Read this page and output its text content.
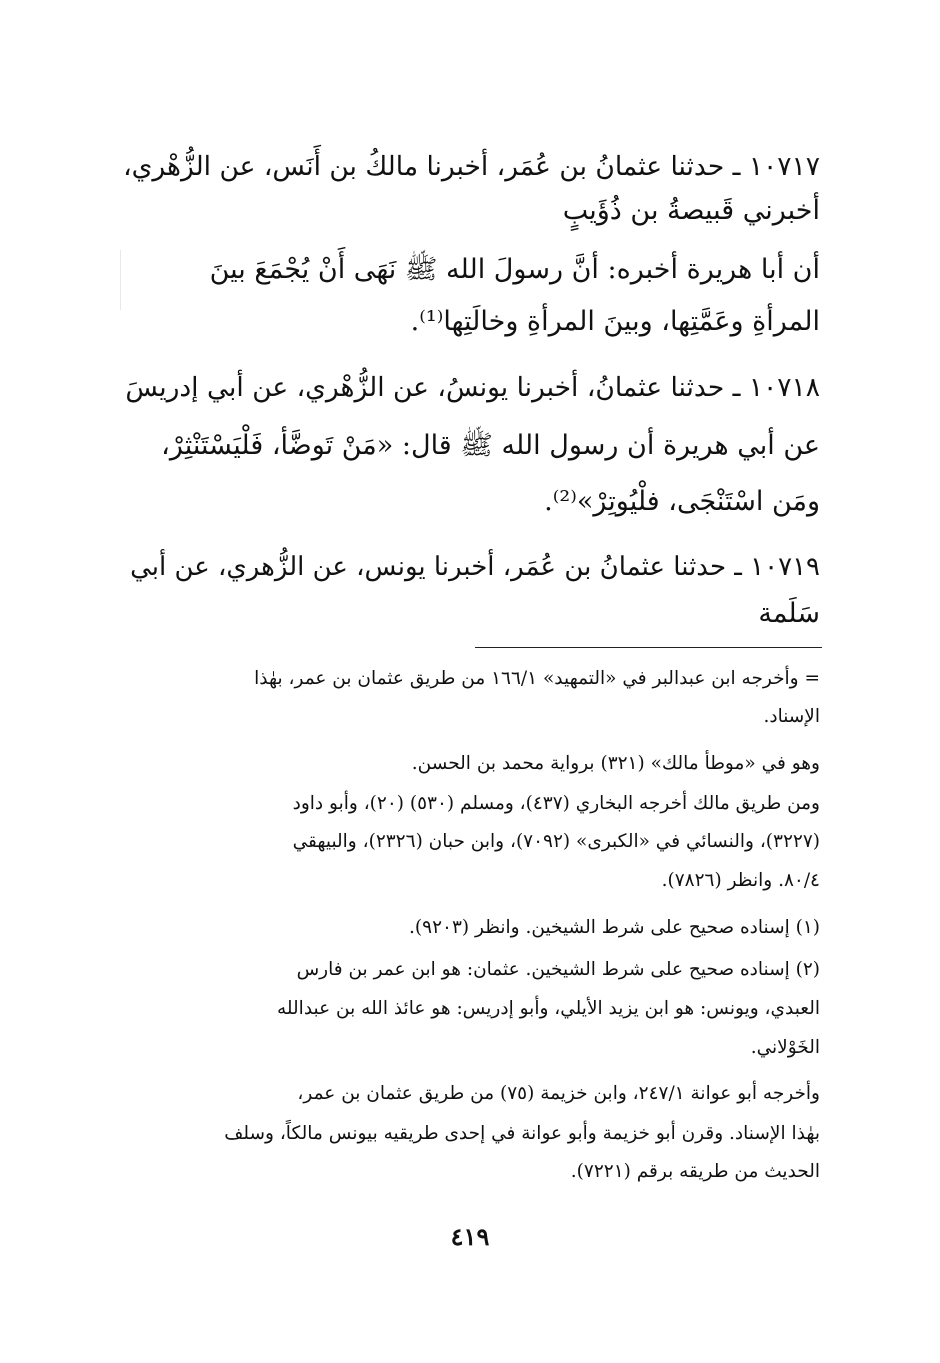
١٠٧١٧ ـ حدثنا عثمانُ بن عُمَر، أخبرنا مالكُ بن أَنَس، عن الزُّهْري،
أخبرني قَبيصةُ بن ذُؤَيبٍ
أن أبا هريرة أخبره: أنَّ رسولَ الله ﷺ نَهَى أَنْ يُجْمَعَ بينَ
المرأةِ وعَمَّتِها، وبينَ المرأةِ وخالَتِها⁽¹⁾.
١٠٧١٨ ـ حدثنا عثمانُ، أخبرنا يونسُ، عن الزُّهْري، عن أبي إدريسَ
عن أبي هريرة أن رسول الله ﷺ قال: «مَنْ تَوضَّأ، فَلْيَسْتَنْثِرْ،
ومَن اسْتَنْجَى، فلْيُوتِرْ»⁽²⁾.
١٠٧١٩ ـ حدثنا عثمانُ بن عُمَر، أخبرنا يونس، عن الزُّهري، عن أبي
سَلَمة
= وأخرجه ابن عبدالبر في «التمهيد» ١٦٦/١ من طريق عثمان بن عمر، بهٰذا
الإسناد.
وهو في «موطأ مالك» (٣٢١) برواية محمد بن الحسن.
ومن طريق مالك أخرجه البخاري (٤٣٧)، ومسلم (٥٣٠) (٢٠)، وأبو داود
(٣٢٢٧)، والنسائي في «الكبرى» (٧٠٩٢)، وابن حبان (٢٣٢٦)، والبيهقي
٨٠/٤. وانظر (٧٨٢٦).
(١) إسناده صحيح على شرط الشيخين. وانظر (٩٢٠٣).
(٢) إسناده صحيح على شرط الشيخين. عثمان: هو ابن عمر بن فارس
العبدي، ويونس: هو ابن يزيد الأيلي، وأبو إدريس: هو عائذ الله بن عبدالله
الخَوْلاني.
وأخرجه أبو عوانة ٢٤٧/١، وابن خزيمة (٧٥) من طريق عثمان بن عمر،
بهٰذا الإسناد. وقرن أبو خزيمة وأبو عوانة في إحدى طريقيه بيونس مالكاً، وسلف
الحديث من طريقه برقم (٧٢٢١).
٤١٩
